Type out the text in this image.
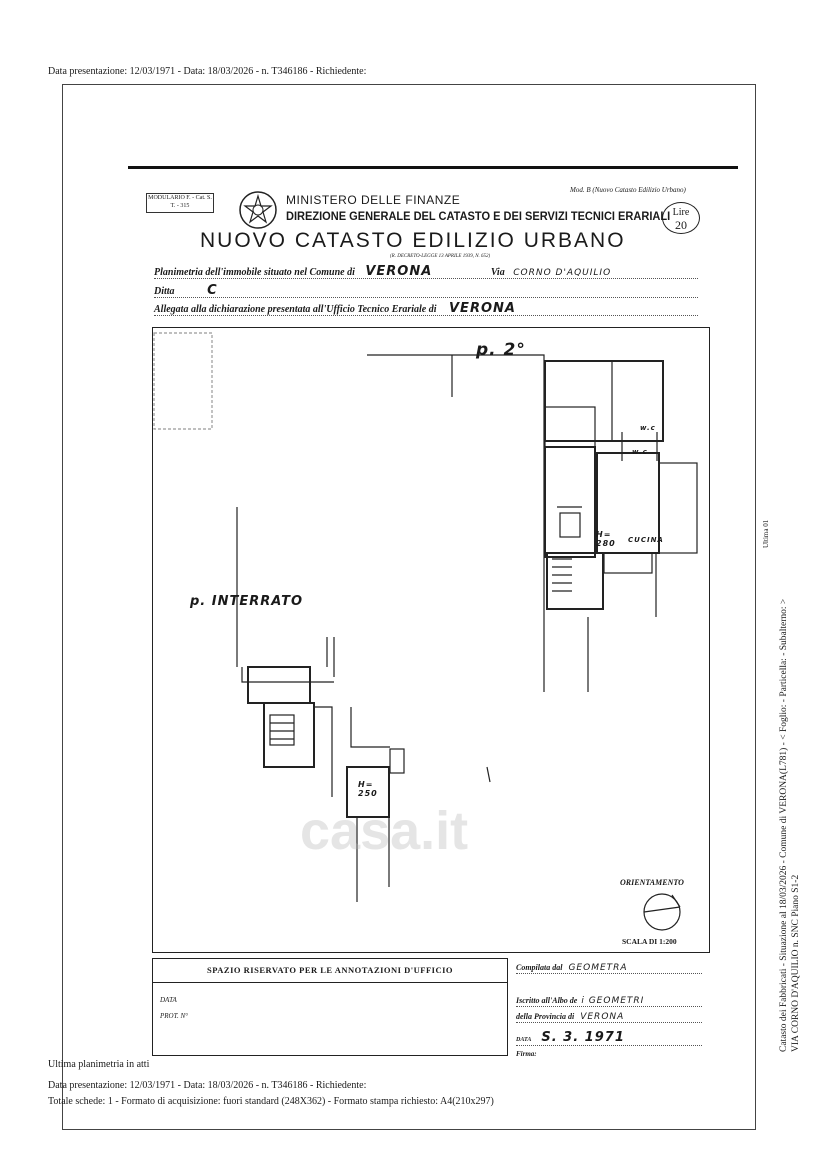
Data presentazione: 12/03/1971 - Data: 18/03/2026 - n. T346186 - Richiedente:
MODULARIO F. - Cat. S. T. - 315	MINISTERO DELLE FINANZE
DIREZIONE GENERALE DEL CATASTO E DEI SERVIZI TECNICI ERARIALI
Mod. B (Nuovo Catasto Edilizio Urbano)
Lire
20
NUOVO CATASTO EDILIZIO URBANO
(R. DECRETO-LEGGE 13 APRILE 1939, N. 652)
Planimetria dell'immobile situato nel Comune di VERONA	Via CORNO D'AQUILIO
Ditta	C
Allegata alla dichiarazione presentata all'Ufficio Tecnico Erariale di VERONA
p. 2°
p. INTERRATO
w.c
w.c
H= 280	CUCINA
H= 250
ORIENTAMENTO
SCALA DI 1:200
casa.it
SPAZIO RISERVATO PER LE ANNOTAZIONI D'UFFICIO
DATA
PROT. N°
Compilata dal GEOMETRA
Iscritto all'Albo de i GEOMETRI
della Provincia di VERONA
DATA S. 3. 1971
Firma:
Ultima planimetria in atti
Data presentazione: 12/03/1971 - Data: 18/03/2026 - n. T346186 - Richiedente:
Totale schede: 1 - Formato di acquisizione: fuori standard (248X362) - Formato stampa richiesto: A4(210x297)
Catasto dei Fabbricati - Situazione al 18/03/2026 - Comune di VERONA(L781) - < Foglio: - Particella: - Subalterno: > VIA CORNO D'AQUILIO n. SNC Piano S1-2
Ultima 01
